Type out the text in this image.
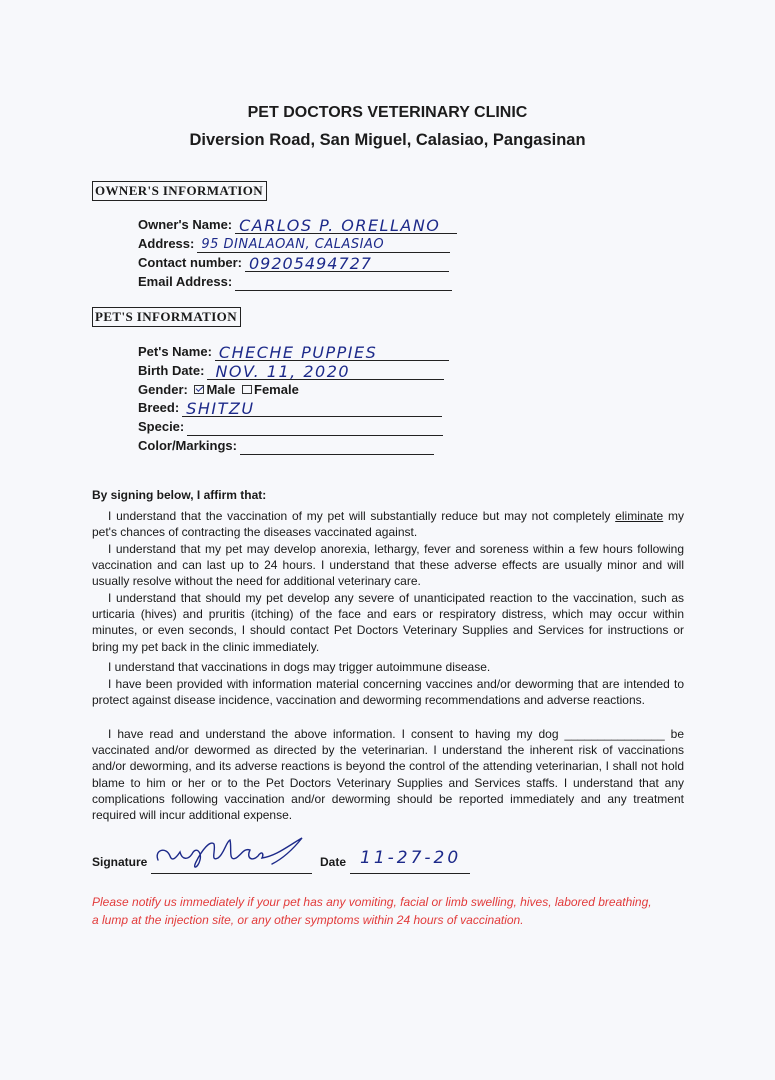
PET DOCTORS VETERINARY CLINIC
Diversion Road, San Miguel, Calasiao, Pangasinan
OWNER'S INFORMATION
Owner's Name: CARLOS P. ORELLANO
Address: 95 DINALAOAN, CALASIAO
Contact number: 09205494727
Email Address:
PET'S INFORMATION
Pet's Name: CHECHE PUPPIES
Birth Date: NOV. 11, 2020
Gender: Male Female
Breed: SHITZU
Specie:
Color/Markings:
By signing below, I affirm that:

I understand that the vaccination of my pet will substantially reduce but may not completely eliminate my pet's chances of contracting the diseases vaccinated against.

I understand that my pet may develop anorexia, lethargy, fever and soreness within a few hours following vaccination and can last up to 24 hours. I understand that these adverse effects are usually minor and will usually resolve without the need for additional veterinary care.

I understand that should my pet develop any severe of unanticipated reaction to the vaccination, such as urticaria (hives) and pruritis (itching) of the face and ears or respiratory distress, which may occur within minutes, or even seconds, I should contact Pet Doctors Veterinary Supplies and Services for instructions or bring my pet back in the clinic immediately.

I understand that vaccinations in dogs may trigger autoimmune disease.

I have been provided with information material concerning vaccines and/or deworming that are intended to protect against disease incidence, vaccination and deworming recommendations and adverse reactions.

I have read and understand the above information. I consent to having my dog _______________ be vaccinated and/or dewormed as directed by the veterinarian. I understand the inherent risk of vaccinations and/or deworming, and its adverse reactions is beyond the control of the attending veterinarian, I shall not hold blame to him or her or to the Pet Doctors Veterinary Supplies and Services staffs. I understand that any complications following vaccination and/or deworming should be reported immediately and any treatment required will incur additional expense.

Signature	Date 11-27-20

Please notify us immediately if your pet has any vomiting, facial or limb swelling, hives, labored breathing, a lump at the injection site, or any other symptoms within 24 hours of vaccination.
